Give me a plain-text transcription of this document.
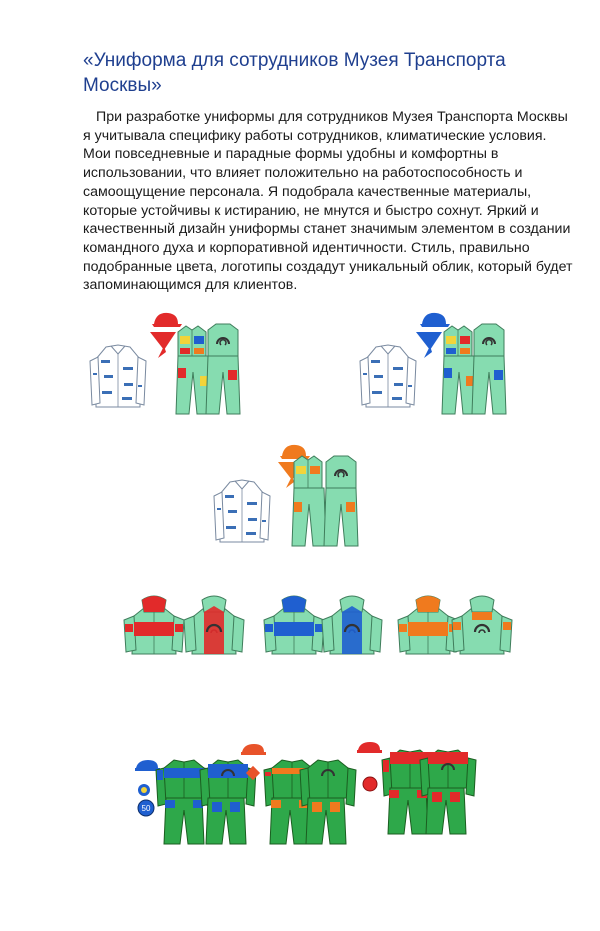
«Униформа для сотрудников Музея Транспорта Москвы»

При разработке униформы для сотрудников Музея Транспорта Москвы я учитывала специфику работы сотрудников, климатические условия. Мои повседневные и парадные формы удобны и комфортны в использовании, что влияет положительно на работоспособность и самоощущение персонала. Я подобрала качественные материалы, которые устойчивы к истиранию, не мнутся и быстро сохнут. Яркий и качественный дизайн униформы станет значимым элементом в создании командного духа и корпоративной идентичности. Стиль, правильно подобранные цвета, логотипы создадут уникальный облик, который будет запоминающимся для клиентов.

50
